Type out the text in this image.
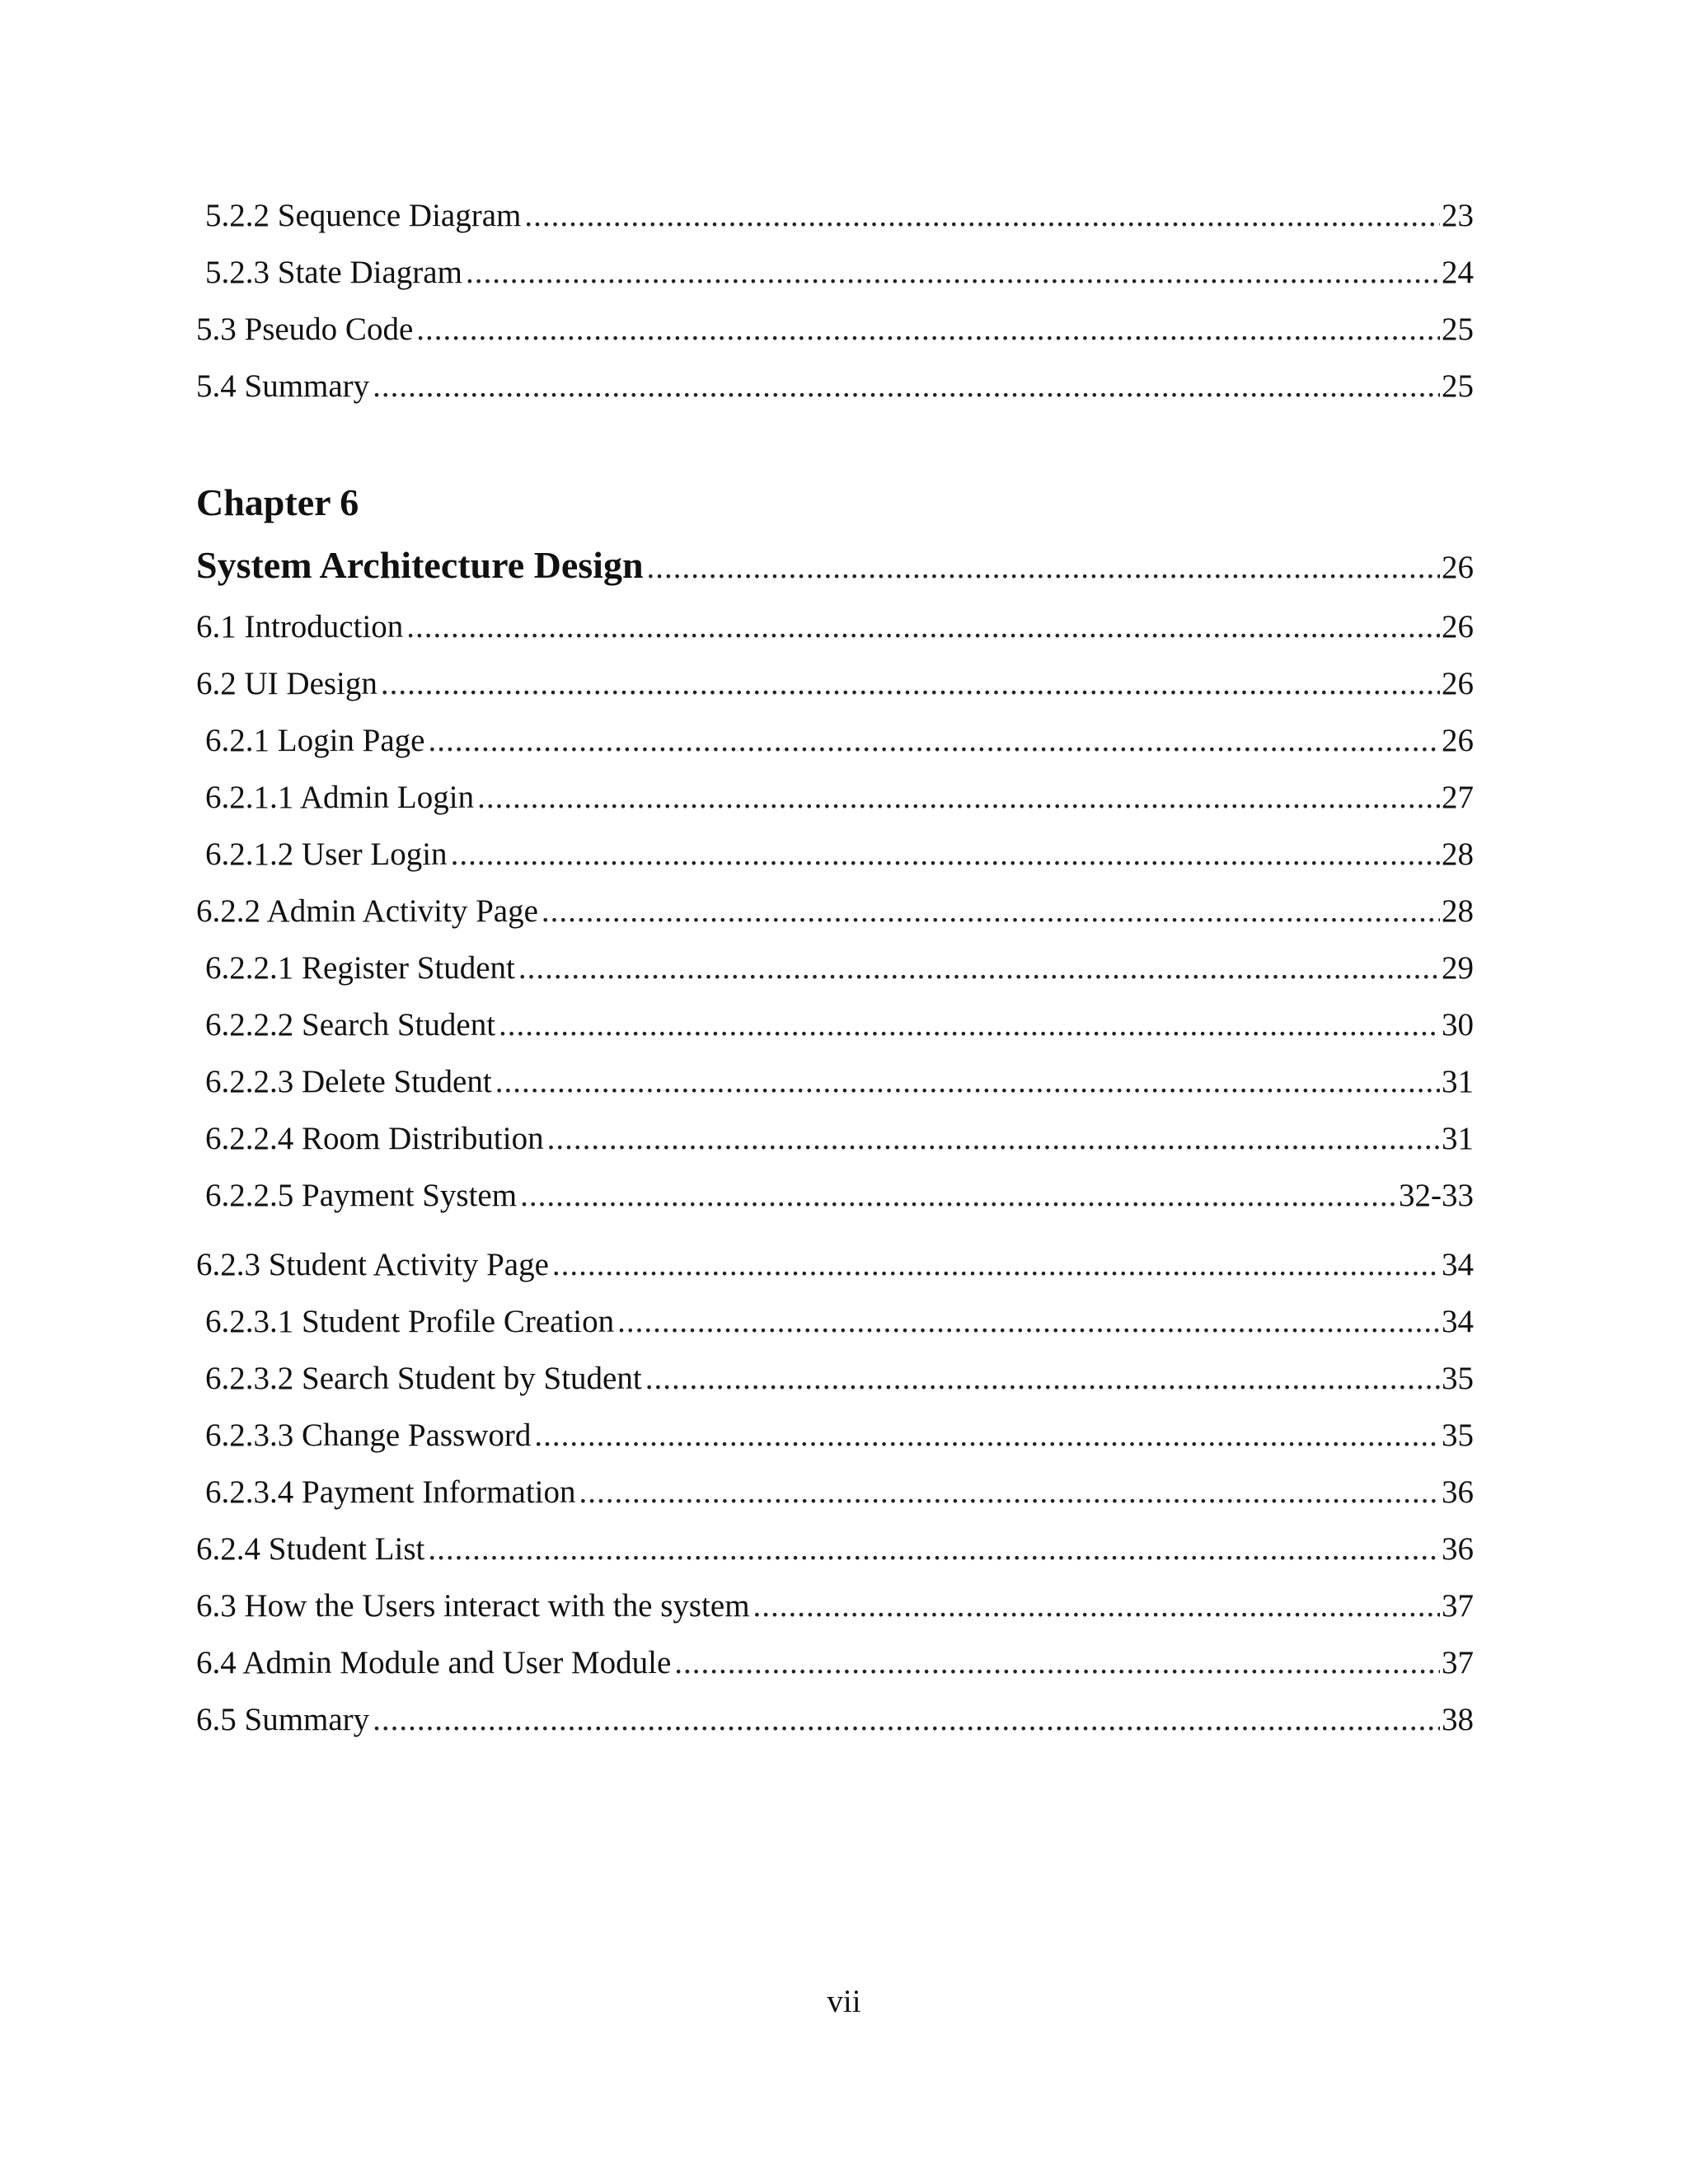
5.2.2 Sequence Diagram .....	23
5.2.3 State Diagram .....	24
5.3 Pseudo Code .....	25
5.4 Summary .....	25
Chapter 6
System Architecture Design .....	26
6.1 Introduction .....	26
6.2 UI Design .....	26
6.2.1 Login Page .....	26
6.2.1.1 Admin Login .....	27
6.2.1.2 User Login .....	28
6.2.2 Admin Activity Page .....	28
6.2.2.1 Register Student .....	29
6.2.2.2 Search Student .....	30
6.2.2.3 Delete Student .....	31
6.2.2.4 Room Distribution .....	31
6.2.2.5 Payment System .....	32-33
6.2.3 Student Activity Page .....	34
6.2.3.1 Student Profile Creation .....	34
6.2.3.2 Search Student by Student .....	35
6.2.3.3 Change Password .....	35
6.2.3.4 Payment Information .....	36
6.2.4 Student List .....	36
6.3 How the Users interact with the system .....	37
6.4 Admin Module and User Module .....	37
6.5 Summary .....	38
vii
